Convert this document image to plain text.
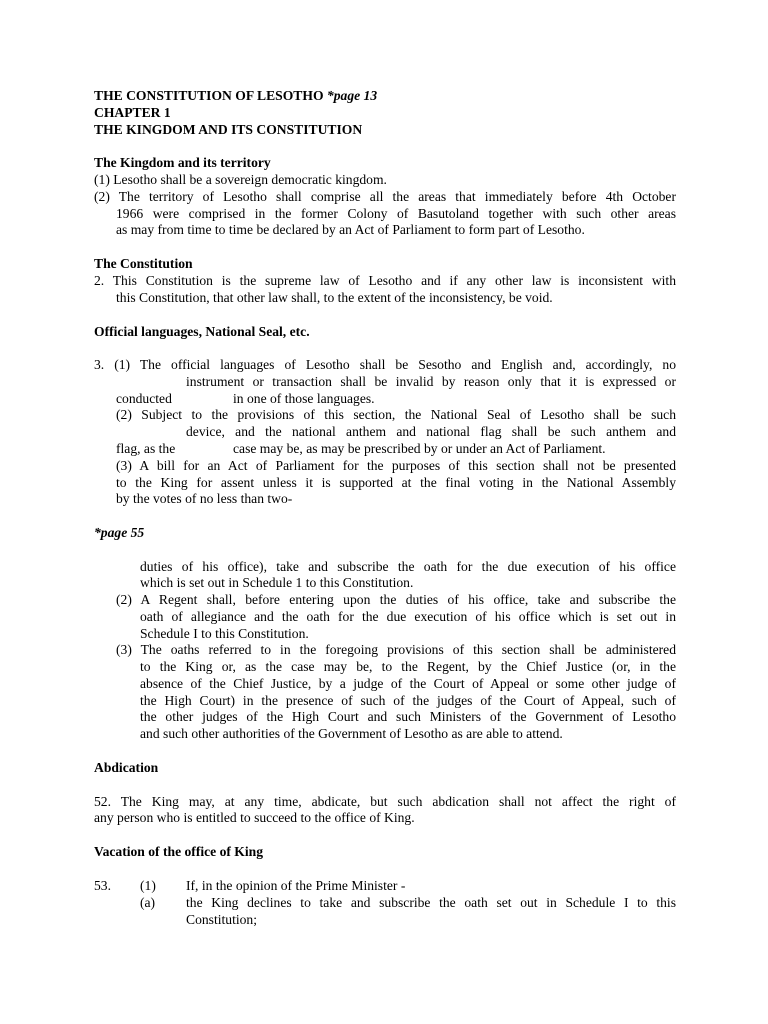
THE CONSTITUTION OF LESOTHO *page 13
CHAPTER 1
THE KINGDOM AND ITS CONSTITUTION
The Kingdom and its territory
(1) Lesotho shall be a sovereign democratic kingdom.
(2) The territory of Lesotho shall comprise all the areas that immediately before 4th October
1966 were comprised in the former Colony of Basutoland together with such other areas
as may from time to time be declared by an Act of Parliament to form part of Lesotho.
The Constitution
2. This Constitution is the supreme law of Lesotho and if any other law is inconsistent with
this Constitution, that other law shall, to the extent of the inconsistency, be void.
Official languages, National Seal, etc.
3. (1) The official languages of Lesotho shall be Sesotho and English and, accordingly, no
instrument or transaction shall be invalid by reason only that it is expressed or
conducted	in one of those languages.
(2) Subject to the provisions of this section, the National Seal of Lesotho shall be such
device, and the national anthem and national flag shall be such anthem and
flag, as the	case may be, as may be prescribed by or under an Act of Parliament.
(3) A bill for an Act of Parliament for the purposes of this section shall not be presented
to the King for assent unless it is supported at the final voting in the National Assembly
by the votes of no less than two-
*page 55
duties of his office), take and subscribe the oath for the due execution of his office
which is set out in Schedule 1 to this Constitution.
(2) A Regent shall, before entering upon the duties of his office, take and subscribe the
oath of allegiance and the oath for the due execution of his office which is set out in
Schedule I to this Constitution.
(3) The oaths referred to in the foregoing provisions of this section shall be administered
to the King or, as the case may be, to the Regent, by the Chief Justice (or, in the
absence of the Chief Justice, by a judge of the Court of Appeal or some other judge of
the High Court) in the presence of such of the judges of the Court of Appeal, such of
the other judges of the High Court and such Ministers of the Government of Lesotho
and such other authorities of the Government of Lesotho as are able to attend.
Abdication
52. The King may, at any time, abdicate, but such abdication shall not affect the right of
any person who is entitled to succeed to the office of King.
Vacation of the office of King
53. (1) If, in the opinion of the Prime Minister -
(a) the King declines to take and subscribe the oath set out in Schedule I to this
Constitution;
